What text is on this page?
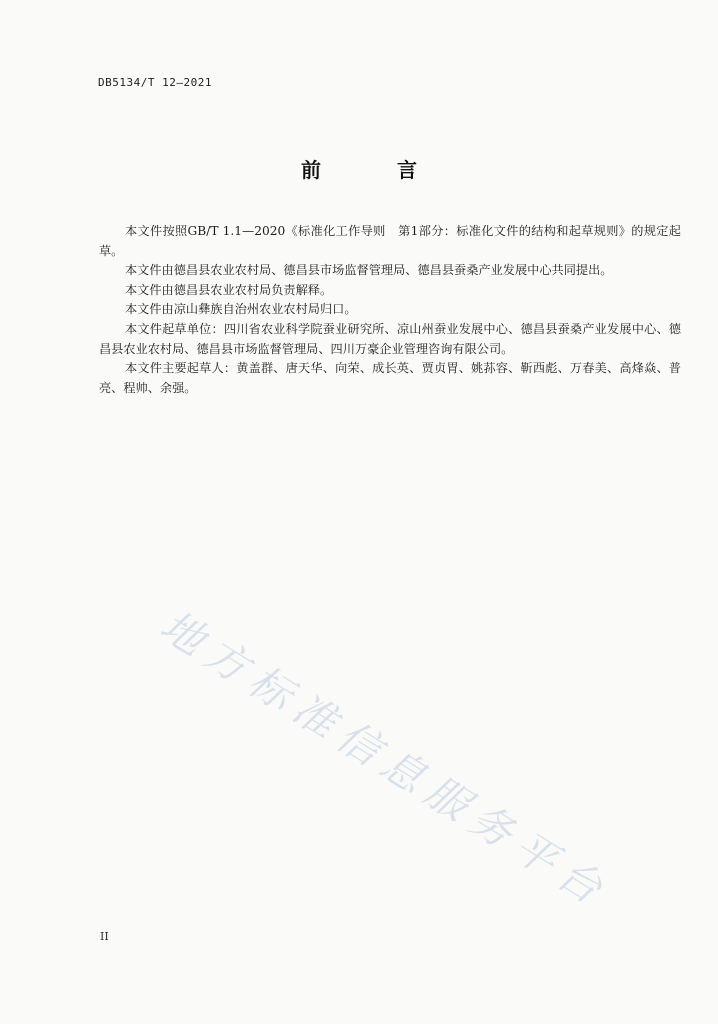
DB5134/T 12—2021
前　言

本文件按照GB/T 1.1—2020《标准化工作导则　第1部分：标准化文件的结构和起草规则》的规定起草。

本文件由德昌县农业农村局、德昌县市场监督管理局、德昌县蚕桑产业发展中心共同提出。

本文件由德昌县农业农村局负责解释。

本文件由凉山彝族自治州农业农村局归口。

本文件起草单位：四川省农业科学院蚕业研究所、凉山州蚕业发展中心、德昌县蚕桑产业发展中心、德昌县农业农村局、德昌县市场监督管理局、四川万豪企业管理咨询有限公司。

本文件主要起草人：黄盖群、唐天华、向荣、成长英、贾贞胃、姚荪容、靳西彪、万春美、高烽焱、普亮、程帅、余强。

地方标准信息服务平台
II
